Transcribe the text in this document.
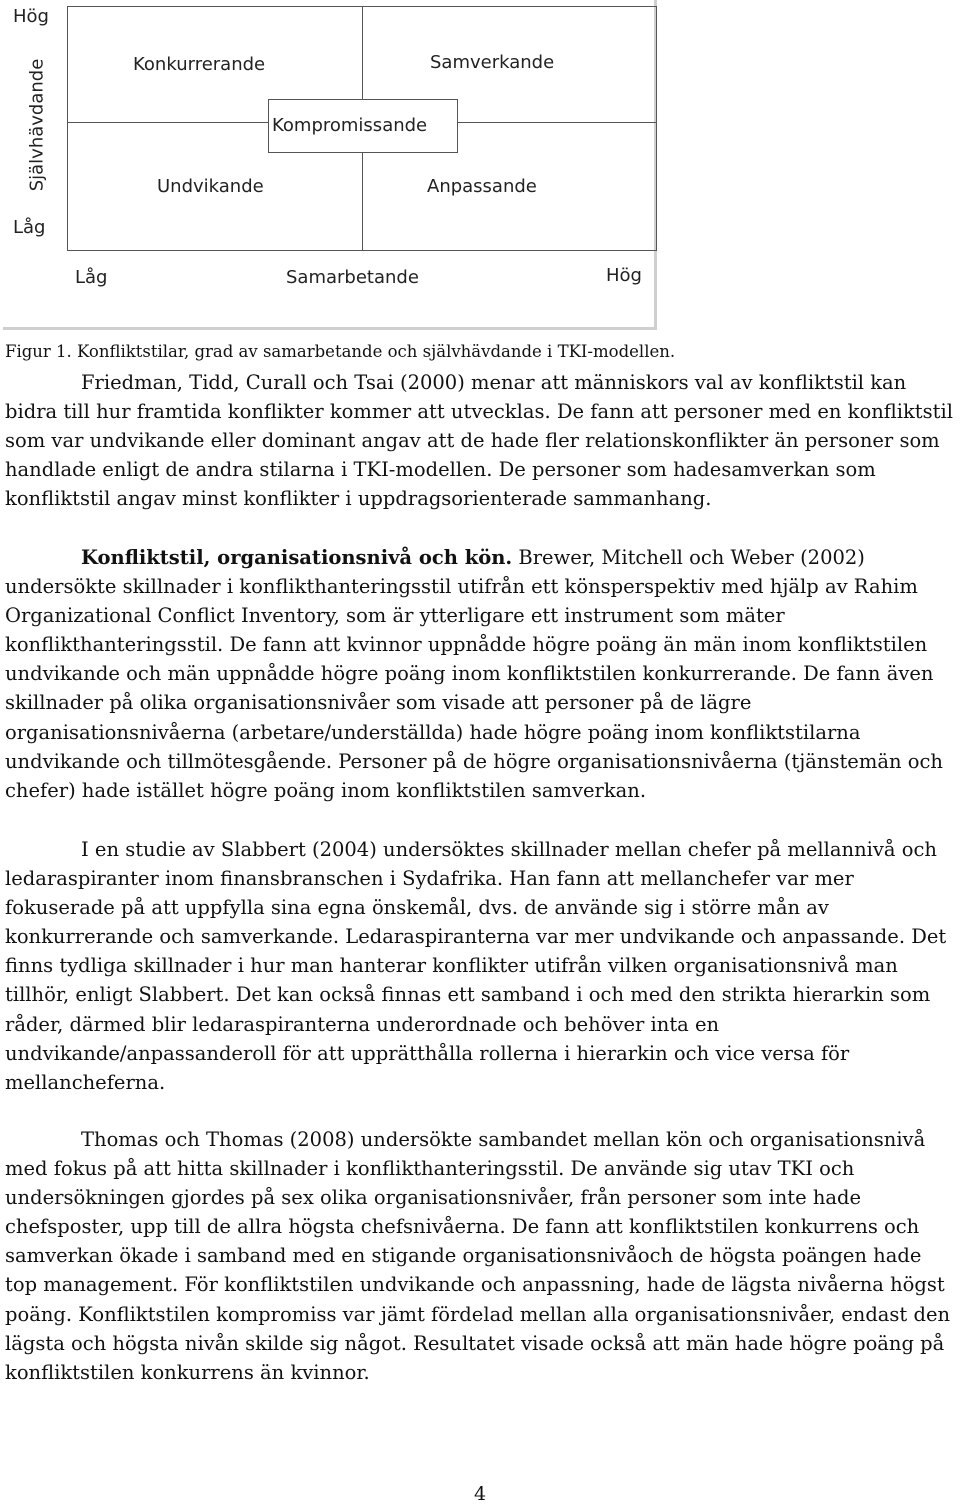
Hög
Självhävdande
Låg
Konkurrerande	Samverkande
Kompromissande
Undvikande	Anpassande
Låg	Samarbetande	Hög

Figur 1. Konfliktstilar, grad av samarbetande och självhävdande i TKI-modellen.

Friedman, Tidd, Curall och Tsai (2000) menar att människors val av konfliktstil kan bidra till hur framtida konflikter kommer att utvecklas. De fann att personer med en konfliktstil som var undvikande eller dominant angav att de hade fler relationskonflikter än personer som handlade enligt de andra stilarna i TKI-modellen. De personer som hadesamverkan som konfliktstil angav minst konflikter i uppdragsorienterade sammanhang.

Konfliktstil, organisationsnivå och kön. Brewer, Mitchell och Weber (2002) undersökte skillnader i konflikthanteringsstil utifrån ett könsperspektiv med hjälp av Rahim Organizational Conflict Inventory, som är ytterligare ett instrument som mäter konflikthanteringsstil. De fann att kvinnor uppnådde högre poäng än män inom konfliktstilen undvikande och män uppnådde högre poäng inom konfliktstilen konkurrerande. De fann även skillnader på olika organisationsnivåer som visade att personer på de lägre organisationsnivåerna (arbetare/underställda) hade högre poäng inom konfliktstilarna undvikande och tillmötesgående. Personer på de högre organisationsnivåerna (tjänstemän och chefer) hade istället högre poäng inom konfliktstilen samverkan.

I en studie av Slabbert (2004) undersöktes skillnader mellan chefer på mellannivå och ledaraspiranter inom finansbranschen i Sydafrika. Han fann att mellanchefer var mer fokuserade på att uppfylla sina egna önskemål, dvs. de använde sig i större mån av konkurrerande och samverkande. Ledaraspiranterna var mer undvikande och anpassande. Det finns tydliga skillnader i hur man hanterar konflikter utifrån vilken organisationsnivå man tillhör, enligt Slabbert. Det kan också finnas ett samband i och med den strikta hierarkin som råder, därmed blir ledaraspiranterna underordnade och behöver inta en undvikande/anpassanderoll för att upprätthålla rollerna i hierarkin och vice versa för mellancheferna.

Thomas och Thomas (2008) undersökte sambandet mellan kön och organisationsnivå med fokus på att hitta skillnader i konflikthanteringsstil. De använde sig utav TKI och undersökningen gjordes på sex olika organisationsnivåer, från personer som inte hade chefsposter, upp till de allra högsta chefsnivåerna. De fann att konfliktstilen konkurrens och samverkan ökade i samband med en stigande organisationsnivåoch de högsta poängen hade top management. För konfliktstilen undvikande och anpassning, hade de lägsta nivåerna högst poäng. Konfliktstilen kompromiss var jämt fördelad mellan alla organisationsnivåer, endast den lägsta och högsta nivån skilde sig något. Resultatet visade också att män hade högre poäng på konfliktstilen konkurrens än kvinnor.

4
